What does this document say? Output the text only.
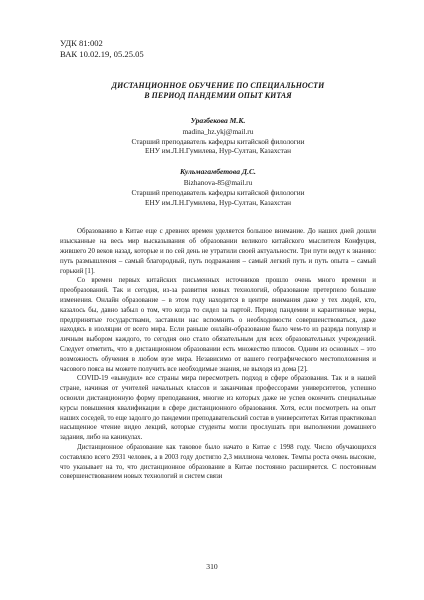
УДК 81:002
ВАК 10.02.19, 05.25.05
ДИСТАНЦИОННОЕ ОБУЧЕНИЕ ПО СПЕЦИАЛЬНОСТИ
В ПЕРИОД ПАНДЕМИИ ОПЫТ КИТАЯ
Уразбекова М.К.
madina_hz.ykj@mail.ru
Старший преподаватель кафедры китайской филологии
ЕНУ им.Л.Н.Гумилева, Нур-Султан, Казахстан
Кульмагамбетова Д.С.
Bizhanova-85@mail.ru
Старший преподаватель кафедры китайской филологии
ЕНУ им.Л.Н.Гумилева, Нур-Султан, Казахстан

Образованию в Китае еще с древних времен уделяется большое внимание. До наших дней дошли изысканные на весь мир высказывания об образовании великого китайского мыслителя Конфуция, жившего 20 веков назад, которые и по сей день не утратили своей актуальности. Три пути ведут к знанию: путь размышления – самый благородный, путь подражания – самый легкий путь и путь опыта – самый горький [1].

Со времен первых китайских письменных источников прошло очень много времени и преобразований. Так и сегодня, из-за развития новых технологий, образование претерпело большие изменения. Онлайн образование – в этом году находится в центре внимания даже у тех людей, кто, казалось бы, давно забыл о том, что когда то сидел за партой. Период пандемии и карантинные меры, предпринятые государствами, заставили нас вспомнить о необходимости совершенствоваться, даже находясь в изоляции от всего мира. Если раньше онлайн-образование было чем-то из разряда популяр и личным выбором каждого, то сегодня оно стало обязательным для всех образовательных учреждений. Следует отметить, что в дистанционном образовании есть множество плюсов. Одним из основных – это возможность обучения в любом вузе мира. Независимо от вашего географического местоположения и часового пояса вы можете получить все необходимые знания, не выходя из дома [2].

COVID-19 «вынудил» все страны мира пересмотреть подход в сфере образования. Так и в нашей стране, начиная от учителей начальных классов и заканчивая профессорами университетов, успешно освоили дистанционную форму преподавания, многие из которых даже не успев окончить специальные курсы повышения квалификации в сфере дистанционного образования. Хотя, если посмотреть на опыт наших соседей, то еще задолго до пандемии преподавательский состав в университетах Китая практиковал насыщенное чтение видео лекций, которые студенты могли прослушать при выполнении домашнего задания, либо на каникулах.

Дистанционное образование как таковое было начато в Китае с 1998 году. Число обучающихся составляло всего 2931 человек, а в 2003 году достигло 2,3 миллиона человек. Темпы роста очень высокие, что указывает на то, что дистанционное образование в Китае постоянно расширяется. С постоянным совершенствованием новых технологий и систем связи

310
